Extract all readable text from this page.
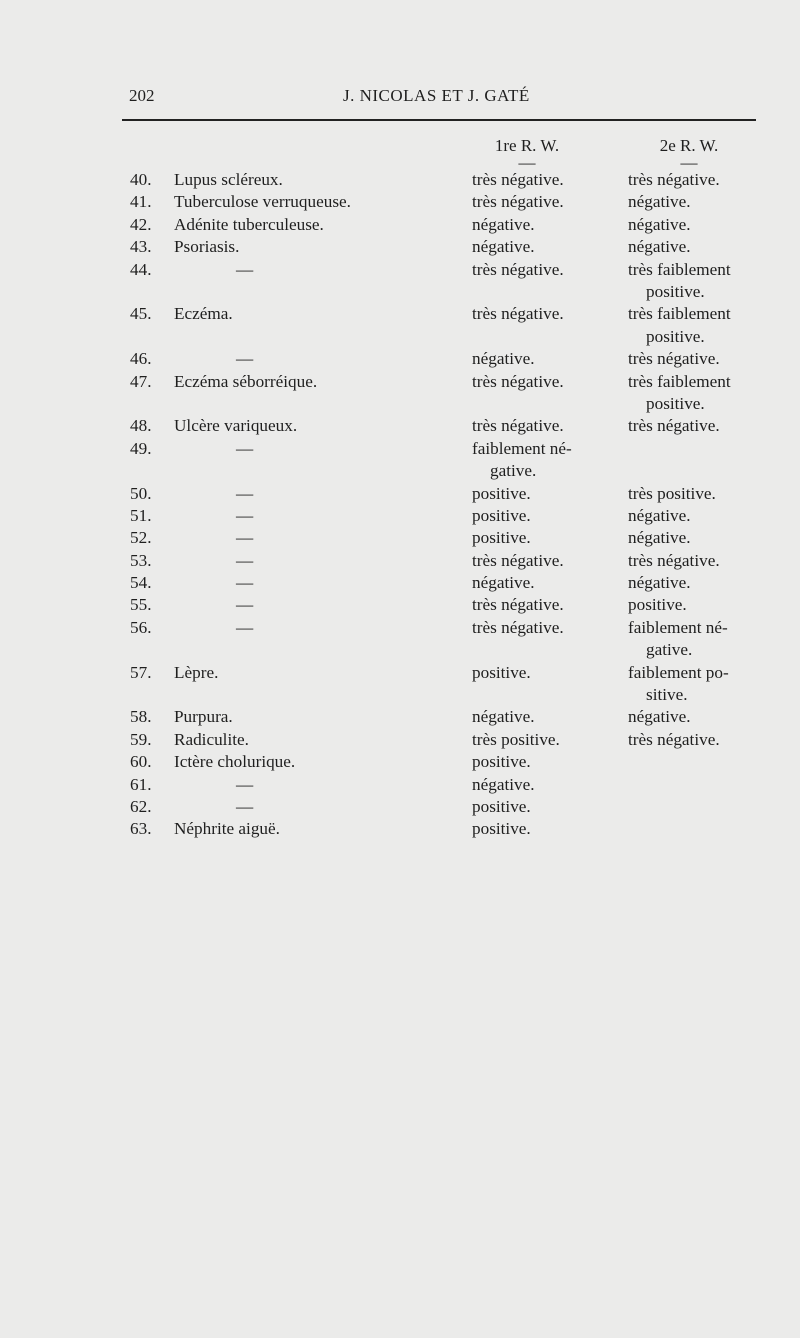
202	J. NICOLAS ET J. GATÉ
1re R. W.
—
2e R. W.
—
40. Lupus scléreux.	très négative.	très négative.
41. Tuberculose verruqueuse.	très négative.	négative.
42. Adénite tuberculeuse.	négative.	négative.
43. Psoriasis.	négative.	négative.
44.	—	très négative.	très faiblement
positive.
45. Eczéma.	très négative.	très faiblement
positive.
46.	—	négative.	très négative.
47. Eczéma séborréique.	très négative.	très faiblement
positive.
48. Ulcère variqueux.	très négative.	très négative.
49.	—	faiblement né-
gative.
50.	—	positive.	très positive.
51.	—	positive.	négative.
52.	—	positive.	négative.
53.	—	très négative.	très négative.
54.	—	négative.	négative.
55.	—	très négative.	positive.
56.	—	très négative.	faiblement né-
gative.
57. Lèpre.	positive.	faiblement po-
sitive.
58. Purpura.	négative.	négative.
59. Radiculite.	très positive.	très négative.
60. Ictère cholurique.	positive.
61.	—	négative.
62.	—	positive.
63. Néphrite aiguë.	positive.
